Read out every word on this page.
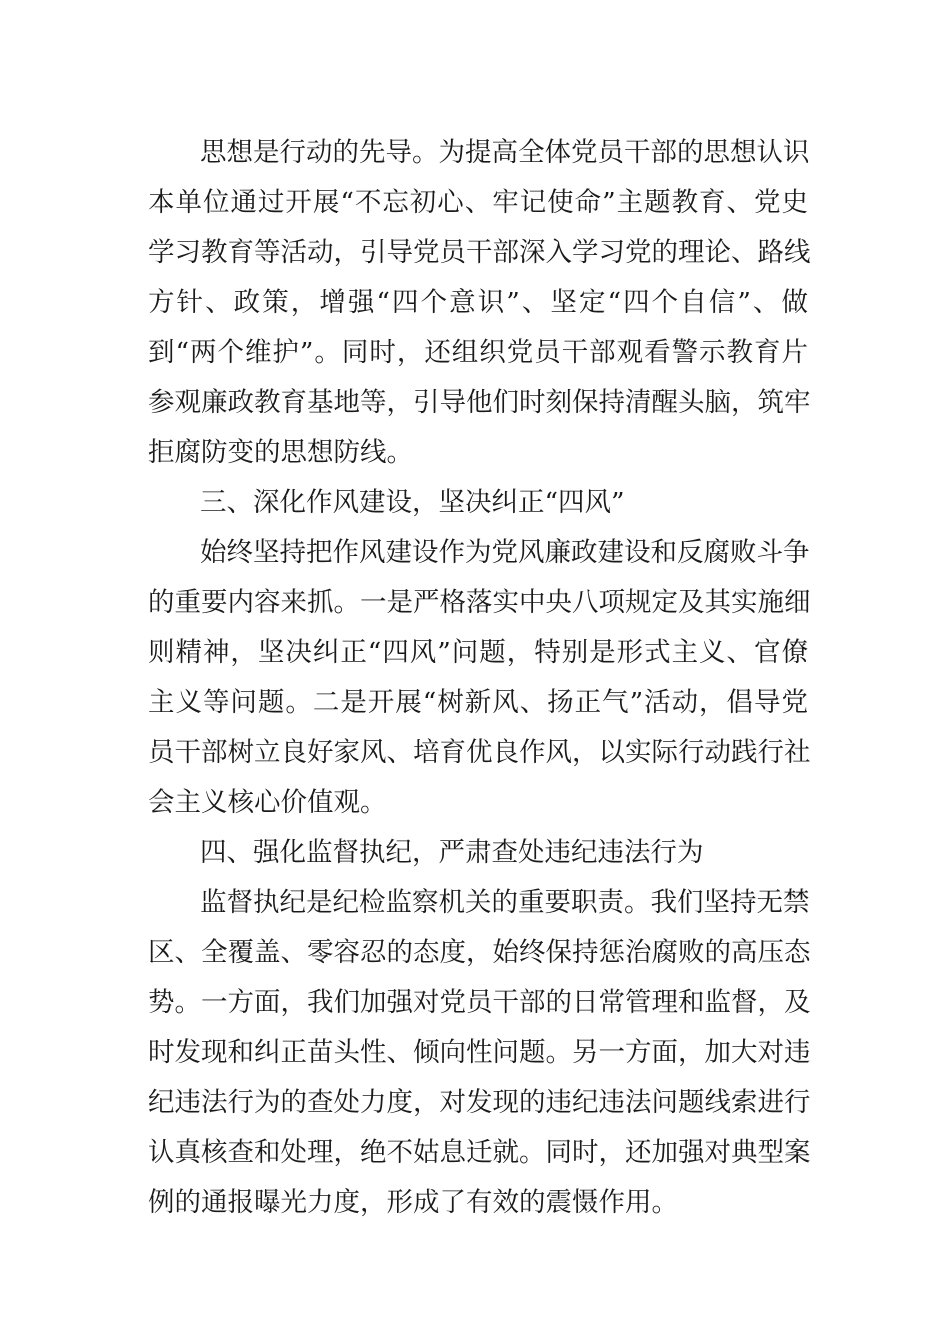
思想是行动的先导。为提高全体党员干部的思想认识
本单位通过开展“不忘初心、牢记使命”主题教育、党史
学习教育等活动，引导党员干部深入学习党的理论、路线
方针、政策，增强“四个意识”、坚定“四个自信”、做
到“两个维护”。同时，还组织党员干部观看警示教育片
参观廉政教育基地等，引导他们时刻保持清醒头脑，筑牢
拒腐防变的思想防线。
三、深化作风建设，坚决纠正“四风”
始终坚持把作风建设作为党风廉政建设和反腐败斗争
的重要内容来抓。一是严格落实中央八项规定及其实施细
则精神，坚决纠正“四风”问题，特别是形式主义、官僚
主义等问题。二是开展“树新风、扬正气”活动，倡导党
员干部树立良好家风、培育优良作风，以实际行动践行社
会主义核心价值观。
四、强化监督执纪，严肃查处违纪违法行为
监督执纪是纪检监察机关的重要职责。我们坚持无禁
区、全覆盖、零容忍的态度，始终保持惩治腐败的高压态
势。一方面，我们加强对党员干部的日常管理和监督，及
时发现和纠正苗头性、倾向性问题。另一方面，加大对违
纪违法行为的查处力度，对发现的违纪违法问题线索进行
认真核查和处理，绝不姑息迁就。同时，还加强对典型案
例的通报曝光力度，形成了有效的震慑作用。
